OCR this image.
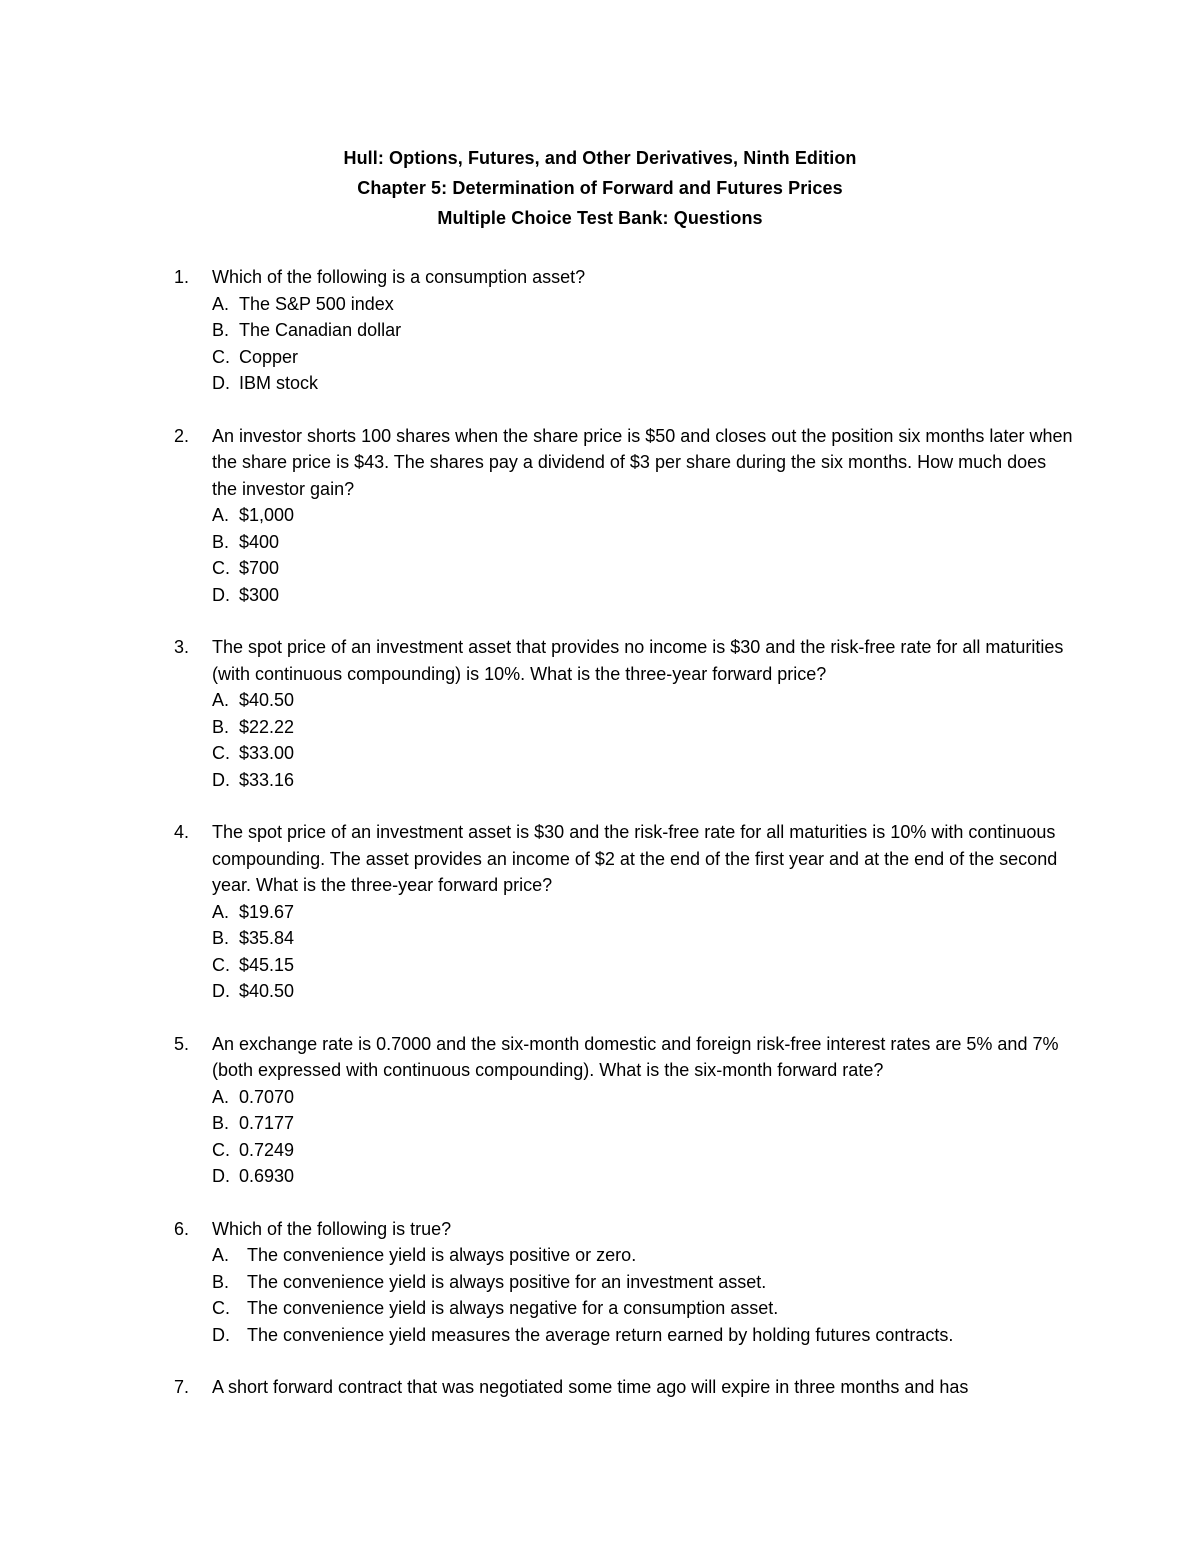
Hull: Options, Futures, and Other Derivatives, Ninth Edition
Chapter 5: Determination of Forward and Futures Prices
Multiple Choice Test Bank: Questions
1.	Which of the following is a consumption asset?
A. The S&P 500 index
B. The Canadian dollar
C. Copper
D. IBM stock
2.	An investor shorts 100 shares when the share price is $50 and closes out the position six months later when the share price is $43. The shares pay a dividend of $3 per share during the six months. How much does the investor gain?
A. $1,000
B. $400
C. $700
D. $300
3.	The spot price of an investment asset that provides no income is $30 and the risk-free rate for all maturities (with continuous compounding) is 10%. What is the three-year forward price?
A. $40.50
B. $22.22
C. $33.00
D. $33.16
4.	The spot price of an investment asset is $30 and the risk-free rate for all maturities is 10% with continuous compounding. The asset provides an income of $2 at the end of the first year and at the end of the second year. What is the three-year forward price?
A. $19.67
B. $35.84
C. $45.15
D. $40.50
5.	An exchange rate is 0.7000 and the six-month domestic and foreign risk-free interest rates are 5% and 7% (both expressed with continuous compounding). What is the six-month forward rate?
A. 0.7070
B. 0.7177
C. 0.7249
D. 0.6930
6.	Which of the following is true?
A. The convenience yield is always positive or zero.
B. The convenience yield is always positive for an investment asset.
C. The convenience yield is always negative for a consumption asset.
D. The convenience yield measures the average return earned by holding futures contracts.
7.	A short forward contract that was negotiated some time ago will expire in three months and has
